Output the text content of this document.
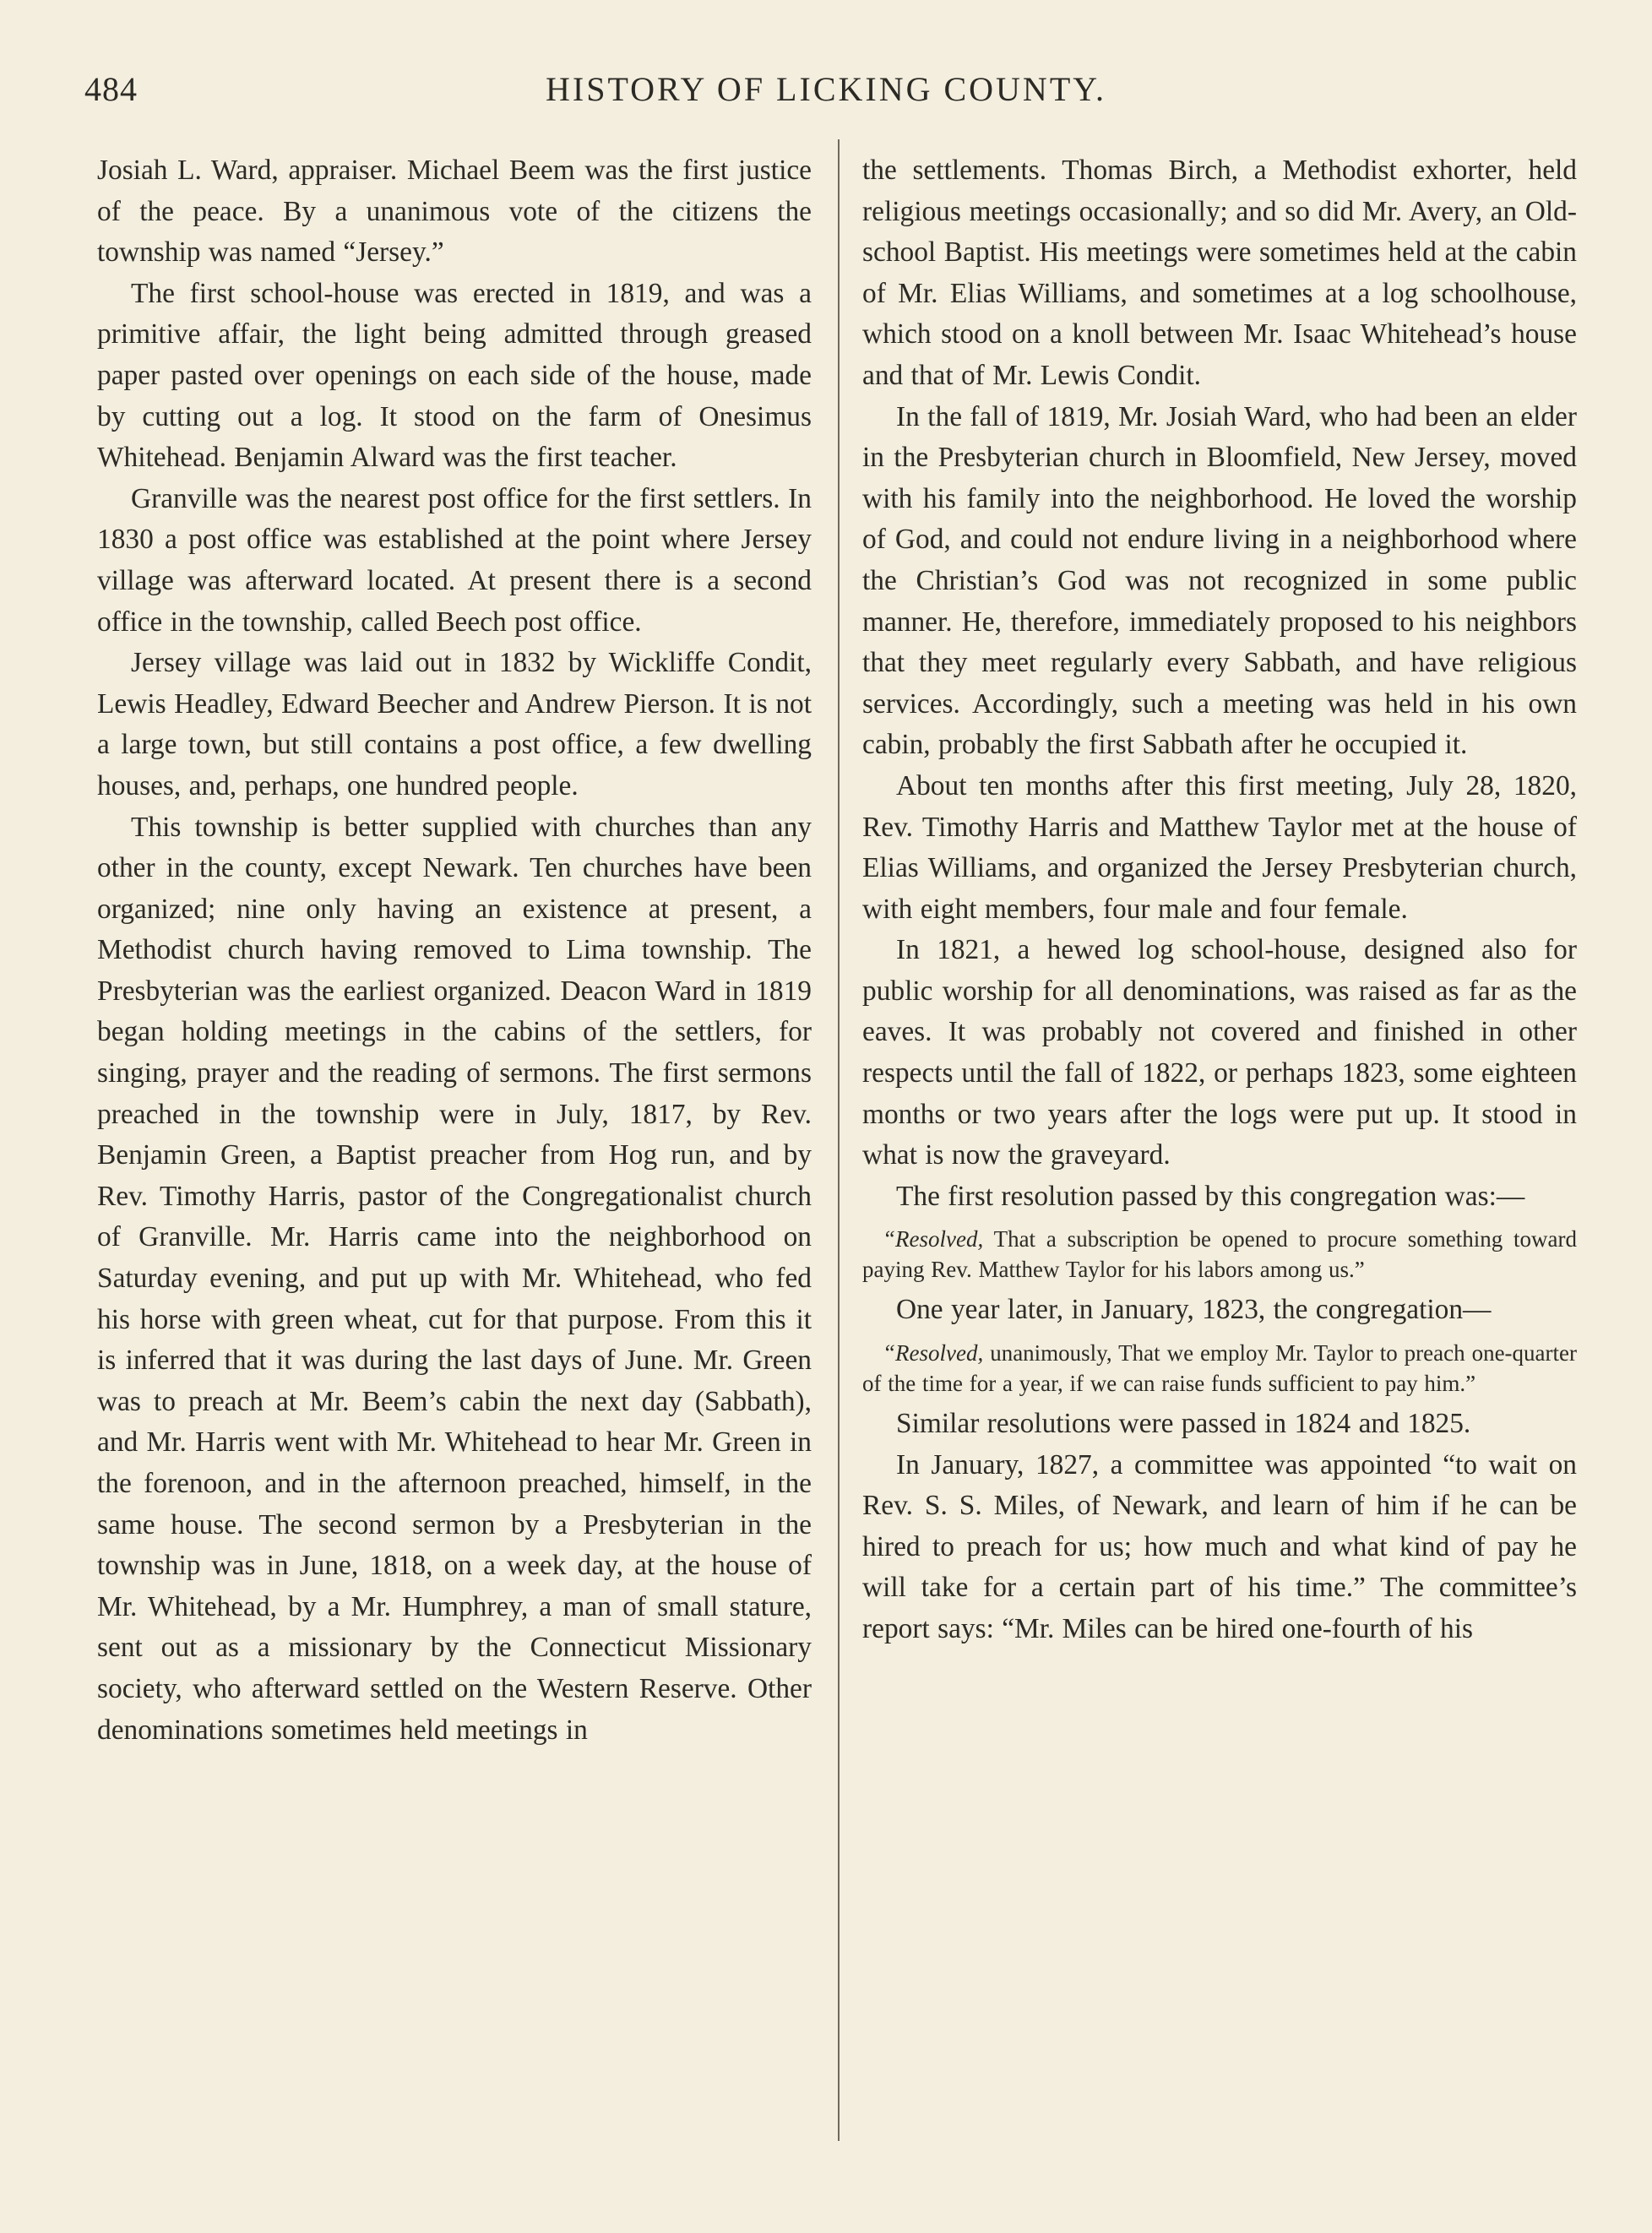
484	HISTORY OF LICKING COUNTY.

Josiah L. Ward, appraiser. Michael Beem was the first justice of the peace. By a unanimous vote of the citizens the township was named “Jersey.”

The first school-house was erected in 1819, and was a primitive affair, the light being admitted through greased paper pasted over openings on each side of the house, made by cutting out a log. It stood on the farm of Onesimus Whitehead. Benjamin Alward was the first teacher.

Granville was the nearest post office for the first settlers. In 1830 a post office was established at the point where Jersey village was afterward located. At present there is a second office in the township, called Beech post office.

Jersey village was laid out in 1832 by Wickliffe Condit, Lewis Headley, Edward Beecher and Andrew Pierson. It is not a large town, but still contains a post office, a few dwelling houses, and, perhaps, one hundred people.

This township is better supplied with churches than any other in the county, except Newark. Ten churches have been organized; nine only having an existence at present, a Methodist church having removed to Lima township. The Presbyterian was the earliest organized. Deacon Ward in 1819 began holding meetings in the cabins of the settlers, for singing, prayer and the reading of sermons. The first sermons preached in the township were in July, 1817, by Rev. Benjamin Green, a Baptist preacher from Hog run, and by Rev. Timothy Harris, pastor of the Congregationalist church of Granville. Mr. Harris came into the neighborhood on Saturday evening, and put up with Mr. Whitehead, who fed his horse with green wheat, cut for that purpose. From this it is inferred that it was during the last days of June. Mr. Green was to preach at Mr. Beem’s cabin the next day (Sabbath), and Mr. Harris went with Mr. Whitehead to hear Mr. Green in the forenoon, and in the afternoon preached, himself, in the same house. The second sermon by a Presbyterian in the township was in June, 1818, on a week day, at the house of Mr. Whitehead, by a Mr. Humphrey, a man of small stature, sent out as a missionary by the Connecticut Missionary society, who afterward settled on the Western Reserve. Other denominations sometimes held meetings in

the settlements. Thomas Birch, a Methodist exhorter, held religious meetings occasionally; and so did Mr. Avery, an Old-school Baptist. His meetings were sometimes held at the cabin of Mr. Elias Williams, and sometimes at a log schoolhouse, which stood on a knoll between Mr. Isaac Whitehead’s house and that of Mr. Lewis Condit.

In the fall of 1819, Mr. Josiah Ward, who had been an elder in the Presbyterian church in Bloomfield, New Jersey, moved with his family into the neighborhood. He loved the worship of God, and could not endure living in a neighborhood where the Christian’s God was not recognized in some public manner. He, therefore, immediately proposed to his neighbors that they meet regularly every Sabbath, and have religious services. Accordingly, such a meeting was held in his own cabin, probably the first Sabbath after he occupied it.

About ten months after this first meeting, July 28, 1820, Rev. Timothy Harris and Matthew Taylor met at the house of Elias Williams, and organized the Jersey Presbyterian church, with eight members, four male and four female.

In 1821, a hewed log school-house, designed also for public worship for all denominations, was raised as far as the eaves. It was probably not covered and finished in other respects until the fall of 1822, or perhaps 1823, some eighteen months or two years after the logs were put up. It stood in what is now the graveyard.

The first resolution passed by this congregation was:—

“Resolved, That a subscription be opened to procure something toward paying Rev. Matthew Taylor for his labors among us.”

One year later, in January, 1823, the congregation—

“Resolved, unanimously, That we employ Mr. Taylor to preach one-quarter of the time for a year, if we can raise funds sufficient to pay him.”

Similar resolutions were passed in 1824 and 1825.

In January, 1827, a committee was appointed “to wait on Rev. S. S. Miles, of Newark, and learn of him if he can be hired to preach for us; how much and what kind of pay he will take for a certain part of his time.” The committee’s report says: “Mr. Miles can be hired one-fourth of his
